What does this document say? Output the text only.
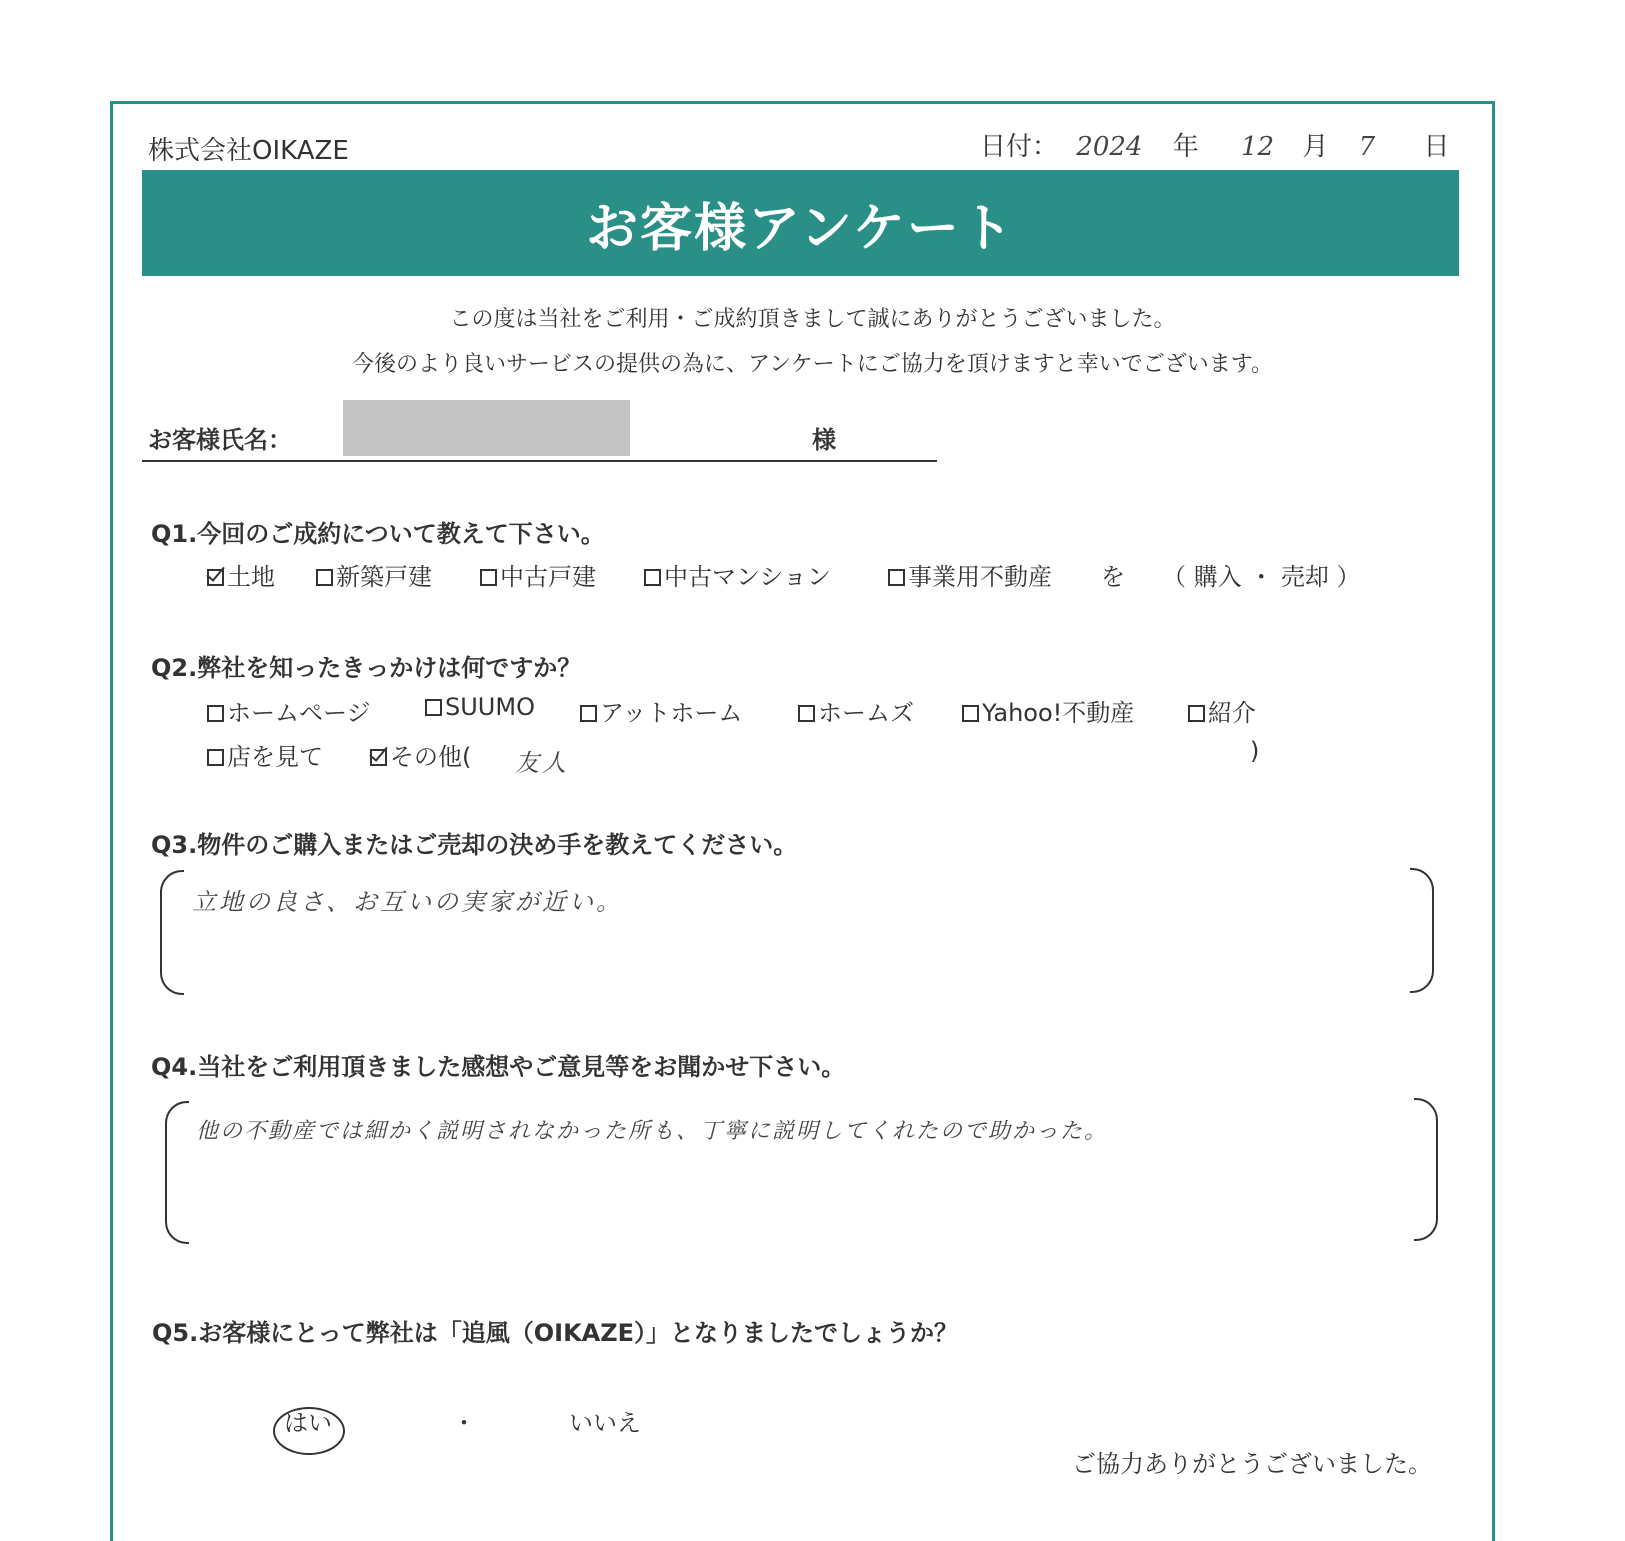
株式会社OIKAZE	日付： 2024 年 12 月 7 日
お客様アンケート
この度は当社をご利用・ご成約頂きまして誠にありがとうございました。
今後のより良いサービスの提供の為に、アンケートにご協力を頂けますと幸いでございます。
お客様氏名：	様
Q1.今回のご成約について教えて下さい。
土地	新築戸建	中古戸建	中古マンション	事業用不動産 を （ 購入 ・ 売却 ）
Q2.弊社を知ったきっかけは何ですか？
ホームページ	SUUMO	アットホーム	ホームズ	Yahoo!不動産	紹介
店を見て	その他( 友人	)
Q3.物件のご購入またはご売却の決め手を教えてください。
立地の良さ、お互いの実家が近い。
Q4.当社をご利用頂きました感想やご意見等をお聞かせ下さい。
他の不動産では細かく説明されなかった所も、丁寧に説明してくれたので助かった。
Q5.お客様にとって弊社は「追風（OIKAZE）」となりましたでしょうか？
はい	・	いいえ
ご協力ありがとうございました。
